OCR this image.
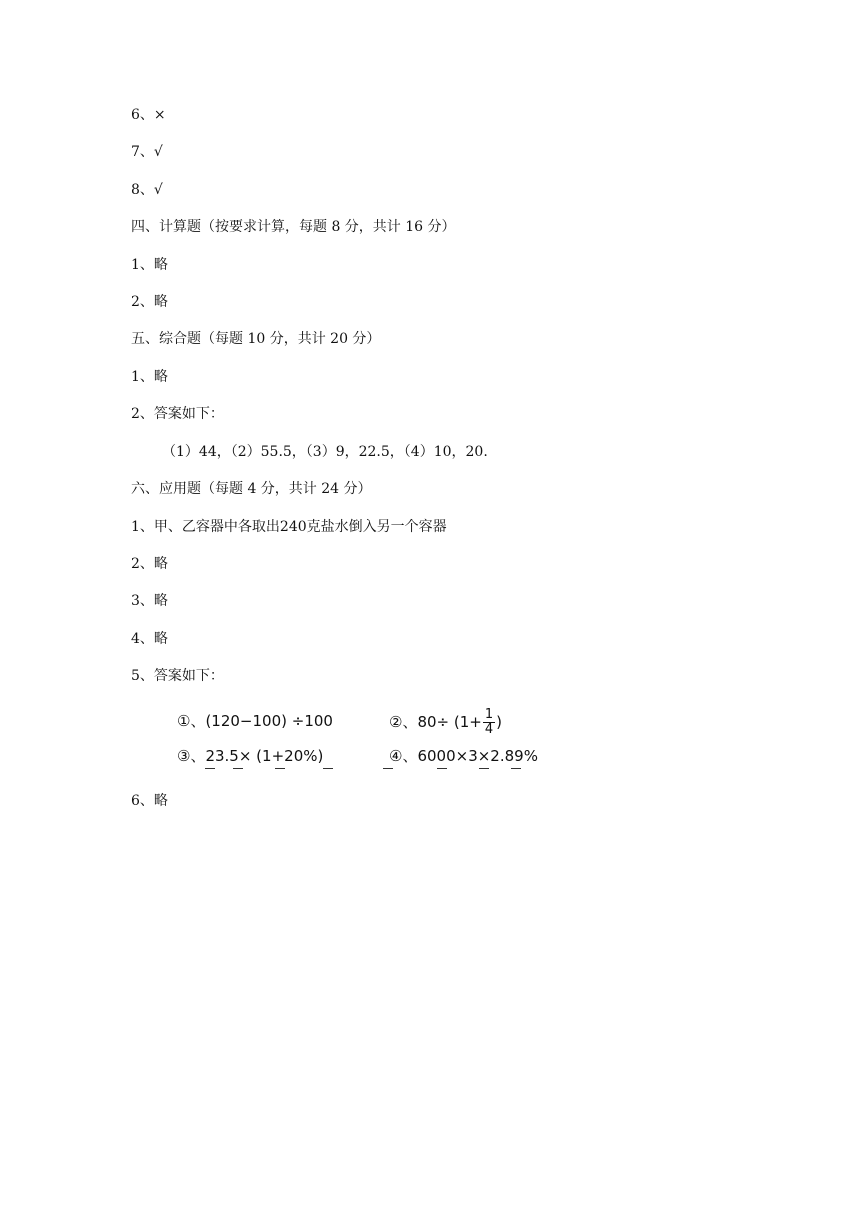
6、×
7、√
8、√
四、计算题（按要求计算，每题 8 分，共计 16 分）
1、略
2、略
五、综合题（每题 10 分，共计 20 分）
1、略
2、答案如下：
（1）44，（2）55.5，（3）9，22.5，（4）10，20.
六、应用题（每题 4 分，共计 24 分）
1、甲、乙容器中各取出240克盐水倒入另一个容器
2、略
3、略
4、略
5、答案如下：
①、(120−100) ÷100	②、$80\div (1+ \frac{1}{4}$ )
③、23.5× (1+20%)	④、6000×3×2.89%
6、略
